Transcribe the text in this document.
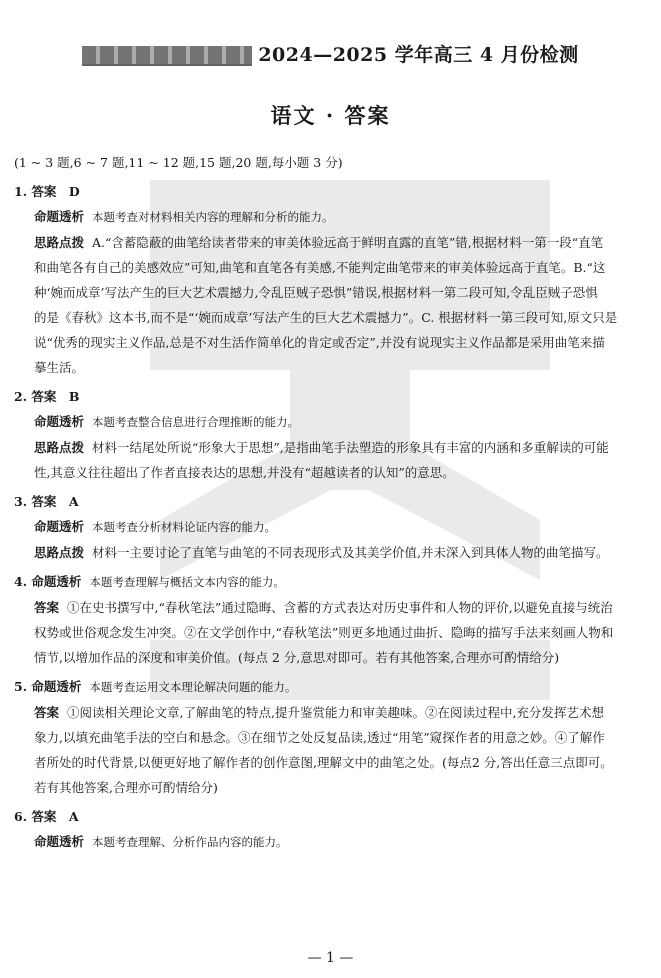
2024—2025 学年高三 4 月份检测
语文 · 答案
(1 ~ 3 题,6 ~ 7 题,11 ~ 12 题,15 题,20 题,每小题 3 分)
1. 答案　D
命题透析 本题考查对材料相关内容的理解和分析的能力。
思路点拨 A.“含蓄隐蔽的曲笔给读者带来的审美体验远高于鲜明直露的直笔”错,根据材料一第一段“直笔
和曲笔各有自己的美感效应”可知,曲笔和直笔各有美感,不能判定曲笔带来的审美体验远高于直笔。B.“这
种‘婉而成章’写法产生的巨大艺术震撼力,令乱臣贼子恐惧”错误,根据材料一第二段可知,令乱臣贼子恐惧
的是《春秋》这本书,而不是“‘婉而成章’写法产生的巨大艺术震撼力”。C. 根据材料一第三段可知,原文只是
说“优秀的现实主义作品,总是不对生活作简单化的肯定或否定”,并没有说现实主义作品都是采用曲笔来描
摹生活。
2. 答案　B
命题透析 本题考查整合信息进行合理推断的能力。
思路点拨 材料一结尾处所说“形象大于思想”,是指曲笔手法塑造的形象具有丰富的内涵和多重解读的可能
性,其意义往往超出了作者直接表达的思想,并没有“超越读者的认知”的意思。
3. 答案　A
命题透析 本题考查分析材料论证内容的能力。
思路点拨 材料一主要讨论了直笔与曲笔的不同表现形式及其美学价值,并未深入到具体人物的曲笔描写。
4. 命题透析 本题考查理解与概括文本内容的能力。
答案 ①在史书撰写中,“春秋笔法”通过隐晦、含蓄的方式表达对历史事件和人物的评价,以避免直接与统治
权势或世俗观念发生冲突。②在文学创作中,“春秋笔法”则更多地通过曲折、隐晦的描写手法来刻画人物和
情节,以增加作品的深度和审美价值。(每点 2 分,意思对即可。若有其他答案,合理亦可酌情给分)
5. 命题透析 本题考查运用文本理论解决问题的能力。
答案 ①阅读相关理论文章,了解曲笔的特点,提升鉴赏能力和审美趣味。②在阅读过程中,充分发挥艺术想
象力,以填充曲笔手法的空白和悬念。③在细节之处反复品读,透过“用笔”窥探作者的用意之妙。④了解作
者所处的时代背景,以便更好地了解作者的创作意图,理解文中的曲笔之处。(每点2 分,答出任意三点即可。
若有其他答案,合理亦可酌情给分)
6. 答案　A
命题透析 本题考查理解、分析作品内容的能力。
— 1 —
